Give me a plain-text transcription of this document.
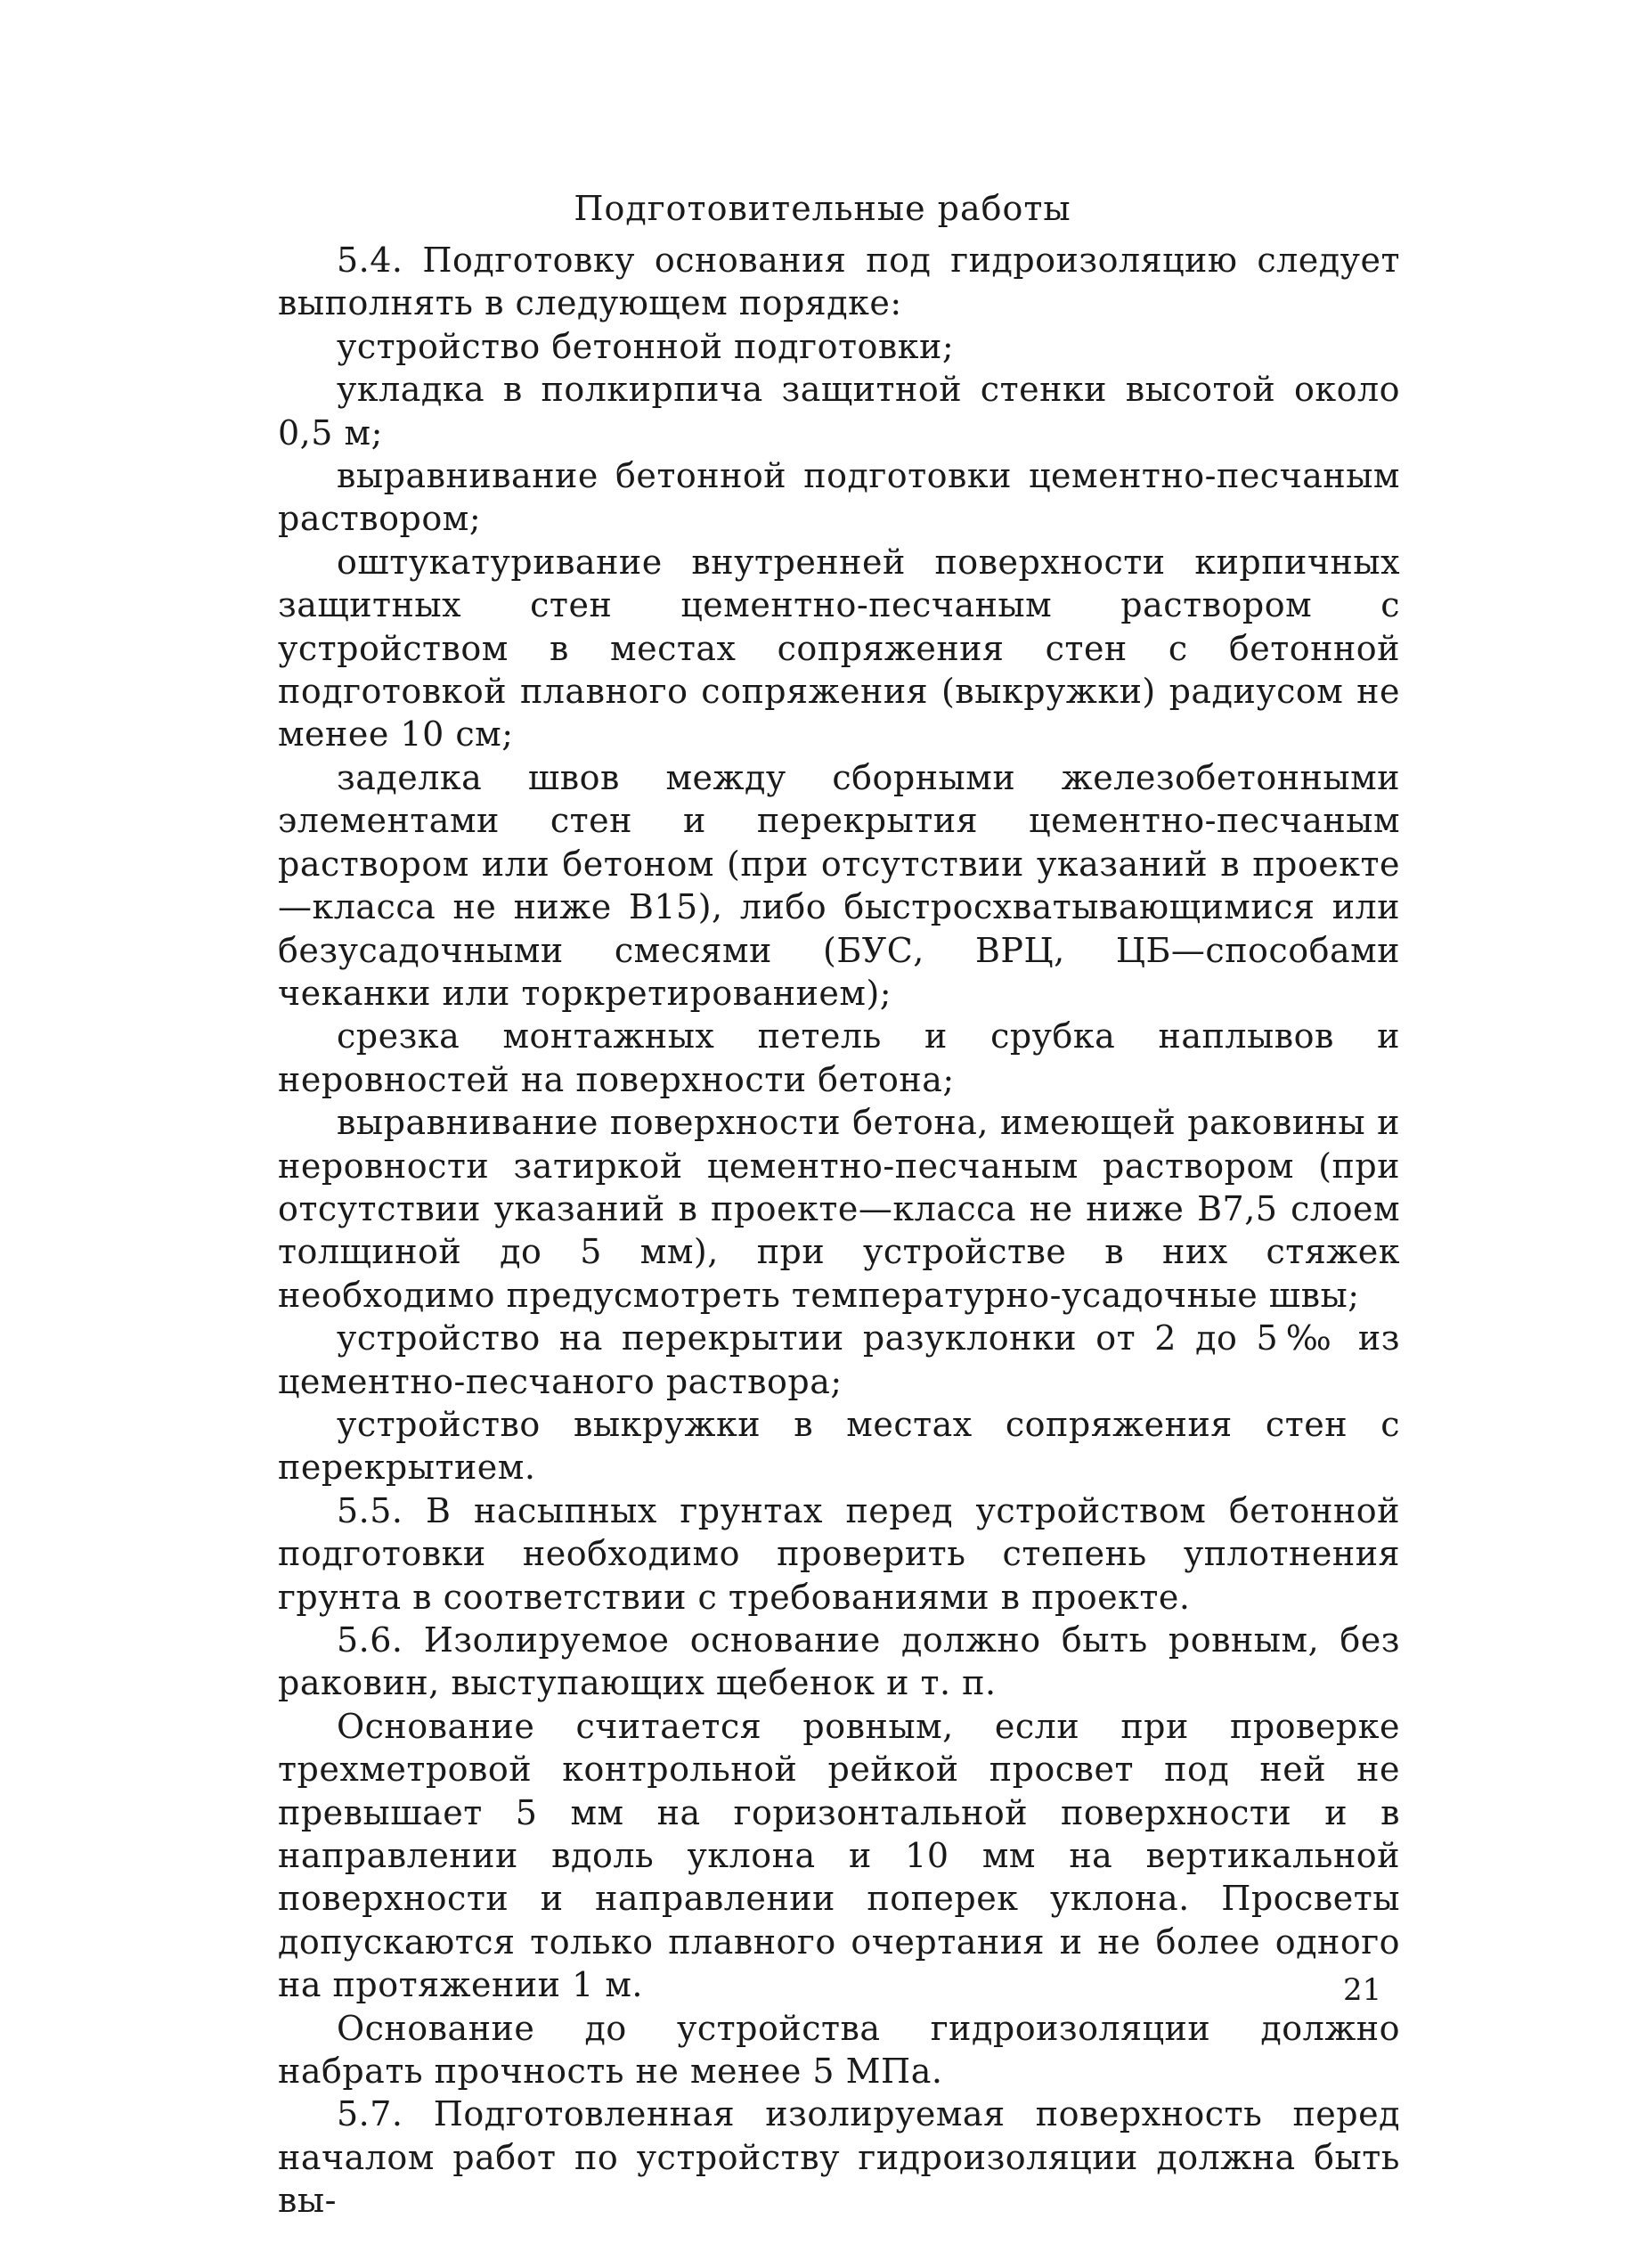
Подготовительные работы

5.4. Подготовку основания под гидроизоляцию следует выполнять в следующем порядке:

устройство бетонной подготовки;

укладка в полкирпича защитной стенки высотой около 0,5 м;

выравнивание бетонной подготовки цементно-песчаным раствором;

оштукатуривание внутренней поверхности кирпичных защитных стен цементно-песчаным раствором с устройством в местах сопряжения стен с бетонной подготовкой плавного сопряжения (выкружки) радиусом не менее 10 см;

заделка швов между сборными железобетонными элементами стен и перекрытия цементно-песчаным раствором или бетоном (при отсутствии указаний в проекте—класса не ниже В15), либо быстросхватывающимися или безусадочными смесями (БУС, ВРЦ, ЦБ—способами чеканки или торкретированием);

срезка монтажных петель и срубка наплывов и неровностей на поверхности бетона;

выравнивание поверхности бетона, имеющей раковины и неровности затиркой цементно-песчаным раствором (при отсутствии указаний в проекте—класса не ниже В7,5 слоем толщиной до 5 мм), при устройстве в них стяжек необходимо предусмотреть температурно-усадочные швы;

устройство на перекрытии разуклонки от 2 до 5‰ из цементно-песчаного раствора;

устройство выкружки в местах сопряжения стен с перекрытием.

5.5. В насыпных грунтах перед устройством бетонной подготовки необходимо проверить степень уплотнения грунта в соответствии с требованиями в проекте.

5.6. Изолируемое основание должно быть ровным, без раковин, выступающих щебенок и т. п.

Основание считается ровным, если при проверке трехметровой контрольной рейкой просвет под ней не превышает 5 мм на горизонтальной поверхности и в направлении вдоль уклона и 10 мм на вертикальной поверхности и направлении поперек уклона. Просветы допускаются только плавного очертания и не более одного на протяжении 1 м.

Основание до устройства гидроизоляции должно набрать прочность не менее 5 МПа.

5.7. Подготовленная изолируемая поверхность перед началом работ по устройству гидроизоляции должна быть вы-

21
